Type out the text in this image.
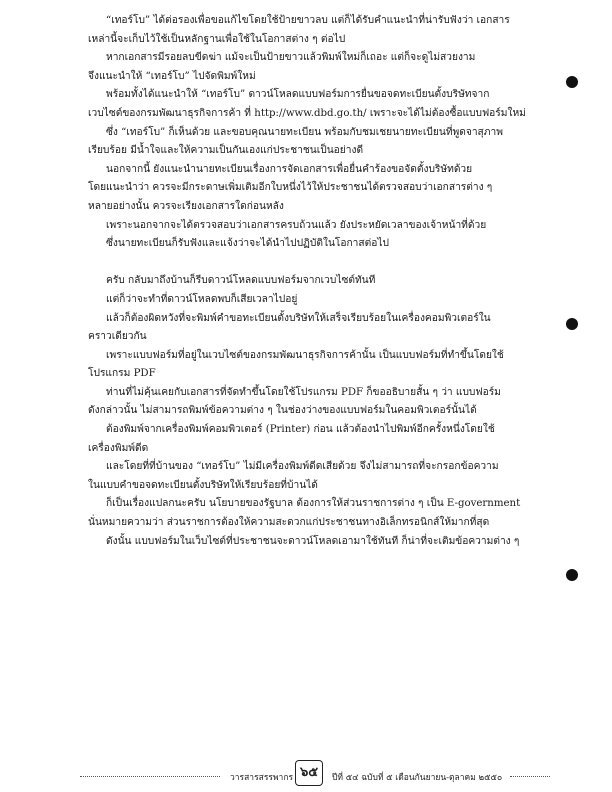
“เทอร์โบ” ได้ต่อรองเพื่อขอแก้ไขโดยใช้ป้ายขาวลบ แต่ก็ได้รับคำแนะนำที่น่ารับฟังว่า เอกสาร
เหล่านี้จะเก็บไว้ใช้เป็นหลักฐานเพื่อใช้ในโอกาสต่าง ๆ ต่อไป
หากเอกสารมีรอยลบขีดฆ่า แม้จะเป็นป้ายขาวแล้วพิมพ์ใหม่ก็เถอะ แต่ก็จะดูไม่สวยงาม
จึงแนะนำให้ “เทอร์โบ” ไปจัดพิมพ์ใหม่
พร้อมทั้งได้แนะนำให้ “เทอร์โบ” ดาวน์โหลดแบบฟอร์มการยื่นขอจดทะเบียนตั้งบริษัทจาก
เวบไซต์ของกรมพัฒนาธุรกิจการค้า ที่ http://www.dbd.go.th/ เพราะจะได้ไม่ต้องซื้อแบบฟอร์มใหม่
ซึ่ง “เทอร์โบ” ก็เห็นด้วย และขอบคุณนายทะเบียน พร้อมกับชมเชยนายทะเบียนที่พูดจาสุภาพ
เรียบร้อย มีน้ำใจและให้ความเป็นกันเองแก่ประชาชนเป็นอย่างดี
นอกจากนี้ ยังแนะนำนายทะเบียนเรื่องการจัดเอกสารเพื่อยื่นคำร้องขอจัดตั้งบริษัทด้วย
โดยแนะนำว่า ควรจะมีกระดาษเพิ่มเติมอีกใบหนึ่งไว้ให้ประชาชนได้ตรวจสอบว่าเอกสารต่าง ๆ
หลายอย่างนั้น ควรจะเรียงเอกสารใดก่อนหลัง
เพราะนอกจากจะได้ตรวจสอบว่าเอกสารครบถ้วนแล้ว ยังประหยัดเวลาของเจ้าหน้าที่ด้วย
ซึ่งนายทะเบียนก็รับฟังและแจ้งว่าจะได้นำไปปฏิบัติในโอกาสต่อไป
ครับ กลับมาถึงบ้านก็รีบดาวน์โหลดแบบฟอร์มจากเวบไซต์ทันที
แต่ก็ว่าจะทำที่ดาวน์โหลดพบก็เสียเวลาไปอยู่
แล้วก็ต้องผิดหวังที่จะพิมพ์คำขอทะเบียนตั้งบริษัทให้เสร็จเรียบร้อยในเครื่องคอมพิวเตอร์ใน
คราวเดียวกัน
เพราะแบบฟอร์มที่อยู่ในเวบไซต์ของกรมพัฒนาธุรกิจการค้านั้น เป็นแบบฟอร์มที่ทำขึ้นโดยใช้
โปรแกรม PDF
ท่านที่ไม่คุ้นเคยกับเอกสารที่จัดทำขึ้นโดยใช้โปรแกรม PDF ก็ขออธิบายสั้น ๆ ว่า แบบฟอร์ม
ดังกล่าวนั้น ไม่สามารถพิมพ์ข้อความต่าง ๆ ในช่องว่างของแบบฟอร์มในคอมพิวเตอร์นั้นได้
ต้องพิมพ์จากเครื่องพิมพ์คอมพิวเตอร์ (Printer) ก่อน แล้วต้องนำไปพิมพ์อีกครั้งหนึ่งโดยใช้
เครื่องพิมพ์ดีด
และโดยที่ที่บ้านของ “เทอร์โบ” ไม่มีเครื่องพิมพ์ดีดเสียด้วย จึงไม่สามารถที่จะกรอกข้อความ
ในแบบคำขอจดทะเบียนตั้งบริษัทให้เรียบร้อยที่บ้านได้
ก็เป็นเรื่องแปลกนะครับ นโยบายของรัฐบาล ต้องการให้ส่วนราชการต่าง ๆ เป็น E-government
นั่นหมายความว่า ส่วนราชการต้องให้ความสะดวกแก่ประชาชนทางอิเล็กทรอนิกส์ให้มากที่สุด
ดังนั้น แบบฟอร์มในเว็บไซต์ที่ประชาชนจะดาวน์โหลดเอามาใช้ทันที ก็น่าที่จะเติมข้อความต่าง ๆ
วารสารสรรพากร ๖๕	ปีที่ ๕๔ ฉบับที่ ๕ เดือนกันยายน-ตุลาคม ๒๕๕๐
